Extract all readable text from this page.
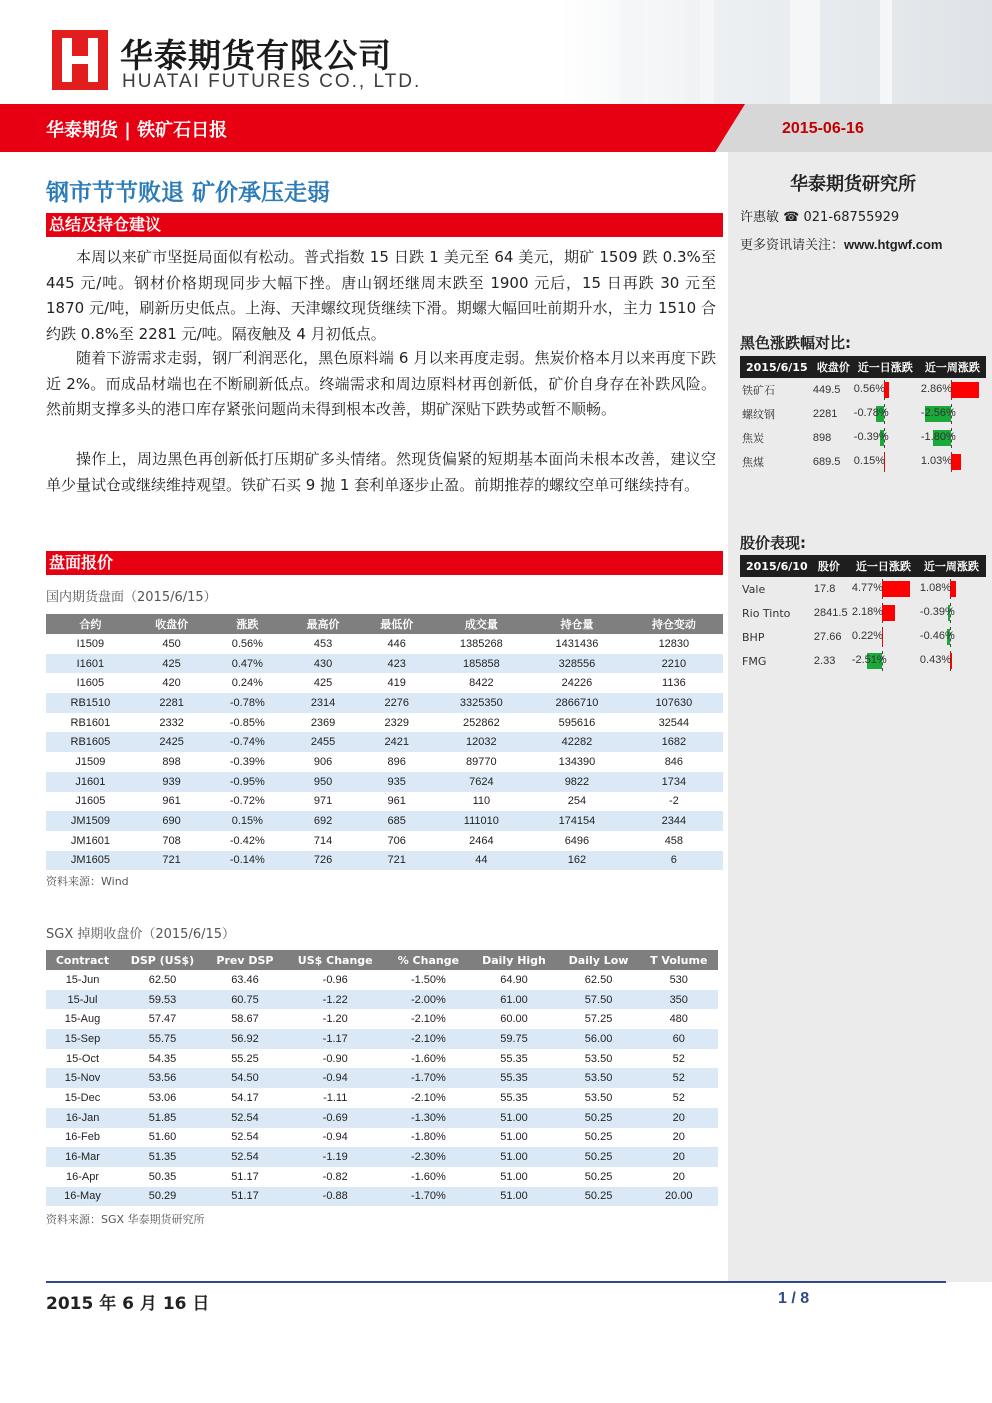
华泰期货有限公司
HUATAI FUTURES CO., LTD.
华泰期货 | 铁矿石日报	2015-06-16
华泰期货研究所
许惠敏 ☎ 021-68755929
更多资讯请关注：www.htgwf.com
黑色涨跌幅对比:
2015/6/15	收盘价	近一日涨跌	近一周涨跌
铁矿石	449.5	0.56%	2.86%

螺纹钢	2281	-0.78%	-2.56%

焦炭	898	-0.39%	-1.80%

焦煤	689.5	0.15%	1.03%
股价表现:
2015/6/10	股价	近一日涨跌	近一周涨跌
Vale	17.8	4.77%	1.08%

Rio Tinto	2841.5	2.18%	-0.39%

BHP	27.66	0.22%	-0.46%

FMG	2.33	-2.51%	0.43%
钢市节节败退 矿价承压走弱
总结及持仓建议

本周以来矿市坚挺局面似有松动。普式指数 15 日跌 1 美元至 64 美元，期矿 1509 跌 0.3%至 445 元/吨。钢材价格期现同步大幅下挫。唐山钢坯继周末跌至 1900 元后，15 日再跌 30 元至 1870 元/吨，刷新历史低点。上海、天津螺纹现货继续下滑。期螺大幅回吐前期升水，主力 1510 合约跌 0.8%至 2281 元/吨。隔夜触及 4 月初低点。

随着下游需求走弱，钢厂利润恶化，黑色原料端 6 月以来再度走弱。焦炭价格本月以来再度下跌近 2%。而成品材端也在不断刷新低点。终端需求和周边原料材再创新低，矿价自身存在补跌风险。然前期支撑多头的港口库存紧张问题尚未得到根本改善，期矿深贴下跌势或暂不顺畅。

操作上，周边黑色再创新低打压期矿多头情绪。然现货偏紧的短期基本面尚未根本改善，建议空单少量试仓或继续维持观望。铁矿石买 9 抛 1 套利单逐步止盈。前期推荐的螺纹空单可继续持有。

盘面报价
国内期货盘面（2015/6/15）
合约	收盘价	涨跌	最高价	最低价	成交量	持仓量	持仓变动
I1509	450	0.56%	453	446	1385268	1431436	12830
I1601	425	0.47%	430	423	185858	328556	2210
I1605	420	0.24%	425	419	8422	24226	1136
RB1510	2281	-0.78%	2314	2276	3325350	2866710	107630
RB1601	2332	-0.85%	2369	2329	252862	595616	32544
RB1605	2425	-0.74%	2455	2421	12032	42282	1682
J1509	898	-0.39%	906	896	89770	134390	846
J1601	939	-0.95%	950	935	7624	9822	1734
J1605	961	-0.72%	971	961	110	254	-2
JM1509	690	0.15%	692	685	111010	174154	2344
JM1601	708	-0.42%	714	706	2464	6496	458
JM1605	721	-0.14%	726	721	44	162	6
资料来源：Wind
SGX 掉期收盘价（2015/6/15）
Contract	DSP (US$)	Prev DSP	US$ Change	% Change	Daily High	Daily Low	T Volume
15-Jun	62.50	63.46	-0.96	-1.50%	64.90	62.50	530
15-Jul	59.53	60.75	-1.22	-2.00%	61.00	57.50	350
15-Aug	57.47	58.67	-1.20	-2.10%	60.00	57.25	480
15-Sep	55.75	56.92	-1.17	-2.10%	59.75	56.00	60
15-Oct	54.35	55.25	-0.90	-1.60%	55.35	53.50	52
15-Nov	53.56	54.50	-0.94	-1.70%	55.35	53.50	52
15-Dec	53.06	54.17	-1.11	-2.10%	55.35	53.50	52
16-Jan	51.85	52.54	-0.69	-1.30%	51.00	50.25	20
16-Feb	51.60	52.54	-0.94	-1.80%	51.00	50.25	20
16-Mar	51.35	52.54	-1.19	-2.30%	51.00	50.25	20
16-Apr	50.35	51.17	-0.82	-1.60%	51.00	50.25	20
16-May	50.29	51.17	-0.88	-1.70%	51.00	50.25	20.00
资料来源：SGX 华泰期货研究所
2015 年 6 月 16 日	1 / 8
